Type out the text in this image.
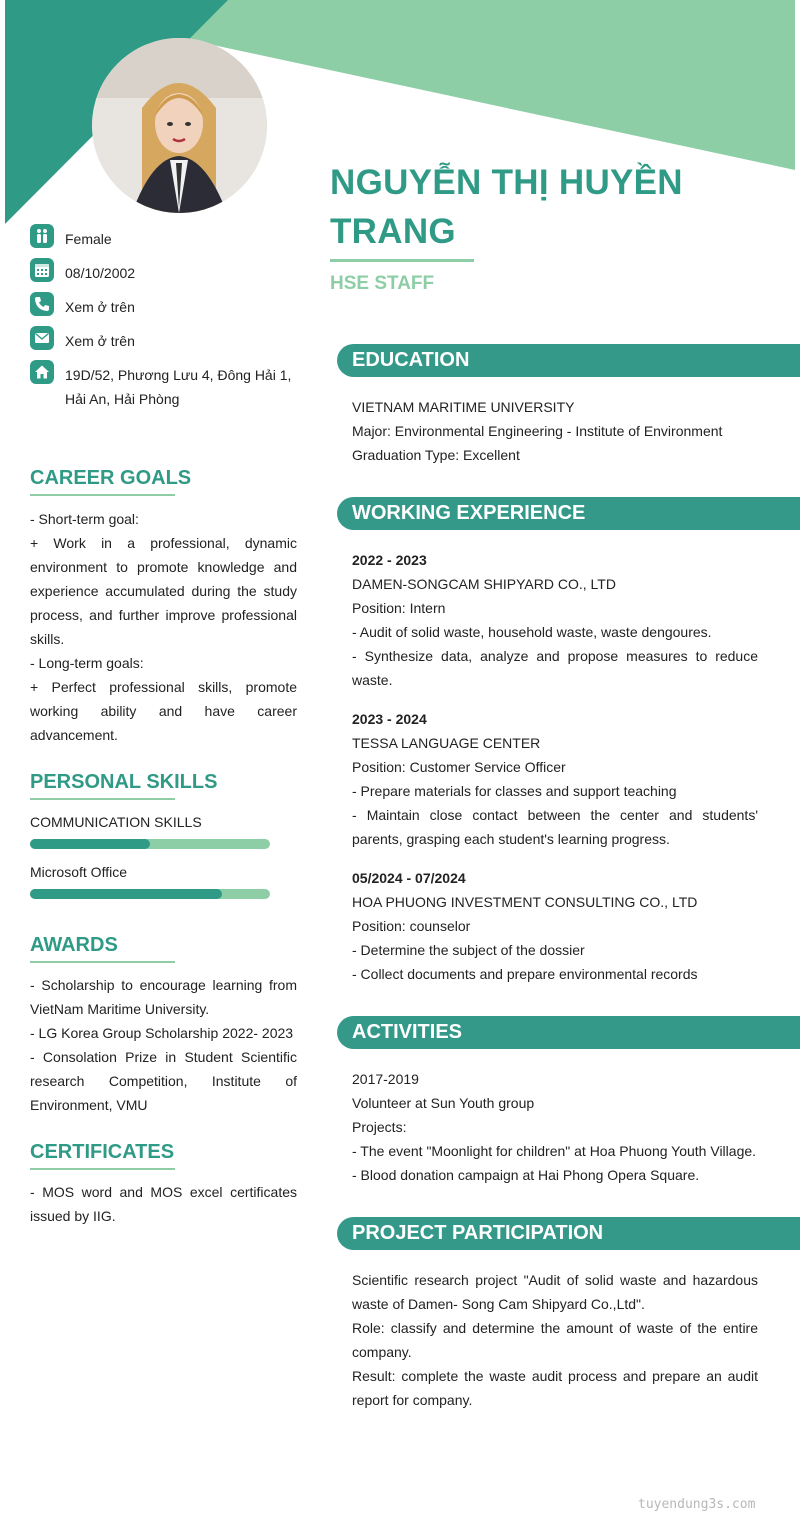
NGUYỄN THỊ HUYỀN TRANG
HSE STAFF
Female
08/10/2002
Xem ở trên
Xem ở trên
19D/52, Phương Lưu 4, Đông Hải 1, Hải An, Hải Phòng
CAREER GOALS

- Short-term goal:

+ Work in a professional, dynamic environment to promote knowledge and experience accumulated during the study process, and further improve professional skills.

- Long-term goals:

+ Perfect professional skills, promote working ability and have career advancement.

PERSONAL SKILLS
COMMUNICATION SKILLS
Microsoft Office
AWARDS

- Scholarship to encourage learning from VietNam Maritime University.

- LG Korea Group Scholarship 2022- 2023

- Consolation Prize in Student Scientific research Competition, Institute of Environment, VMU

CERTIFICATES

- MOS word and MOS excel certificates issued by IIG.

EDUCATION

VIETNAM MARITIME UNIVERSITY

Major: Environmental Engineering - Institute of Environment

Graduation Type: Excellent

WORKING EXPERIENCE

2022 - 2023

DAMEN-SONGCAM SHIPYARD CO., LTD

Position: Intern

- Audit of solid waste, household waste, waste dengoures.

- Synthesize data, analyze and propose measures to reduce waste.

2023 - 2024

TESSA LANGUAGE CENTER

Position: Customer Service Officer

- Prepare materials for classes and support teaching

- Maintain close contact between the center and students' parents, grasping each student's learning progress.

05/2024 - 07/2024

HOA PHUONG INVESTMENT CONSULTING CO., LTD

Position: counselor

- Determine the subject of the dossier

- Collect documents and prepare environmental records

ACTIVITIES

2017-2019

Volunteer at Sun Youth group

Projects:

- The event "Moonlight for children" at Hoa Phuong Youth Village.

- Blood donation campaign at Hai Phong Opera Square.

PROJECT PARTICIPATION

Scientific research project "Audit of solid waste and hazardous waste of Damen- Song Cam Shipyard Co.,Ltd".

Role: classify and determine the amount of waste of the entire company.

Result: complete the waste audit process and prepare an audit report for company.

tuyendung3s.com
